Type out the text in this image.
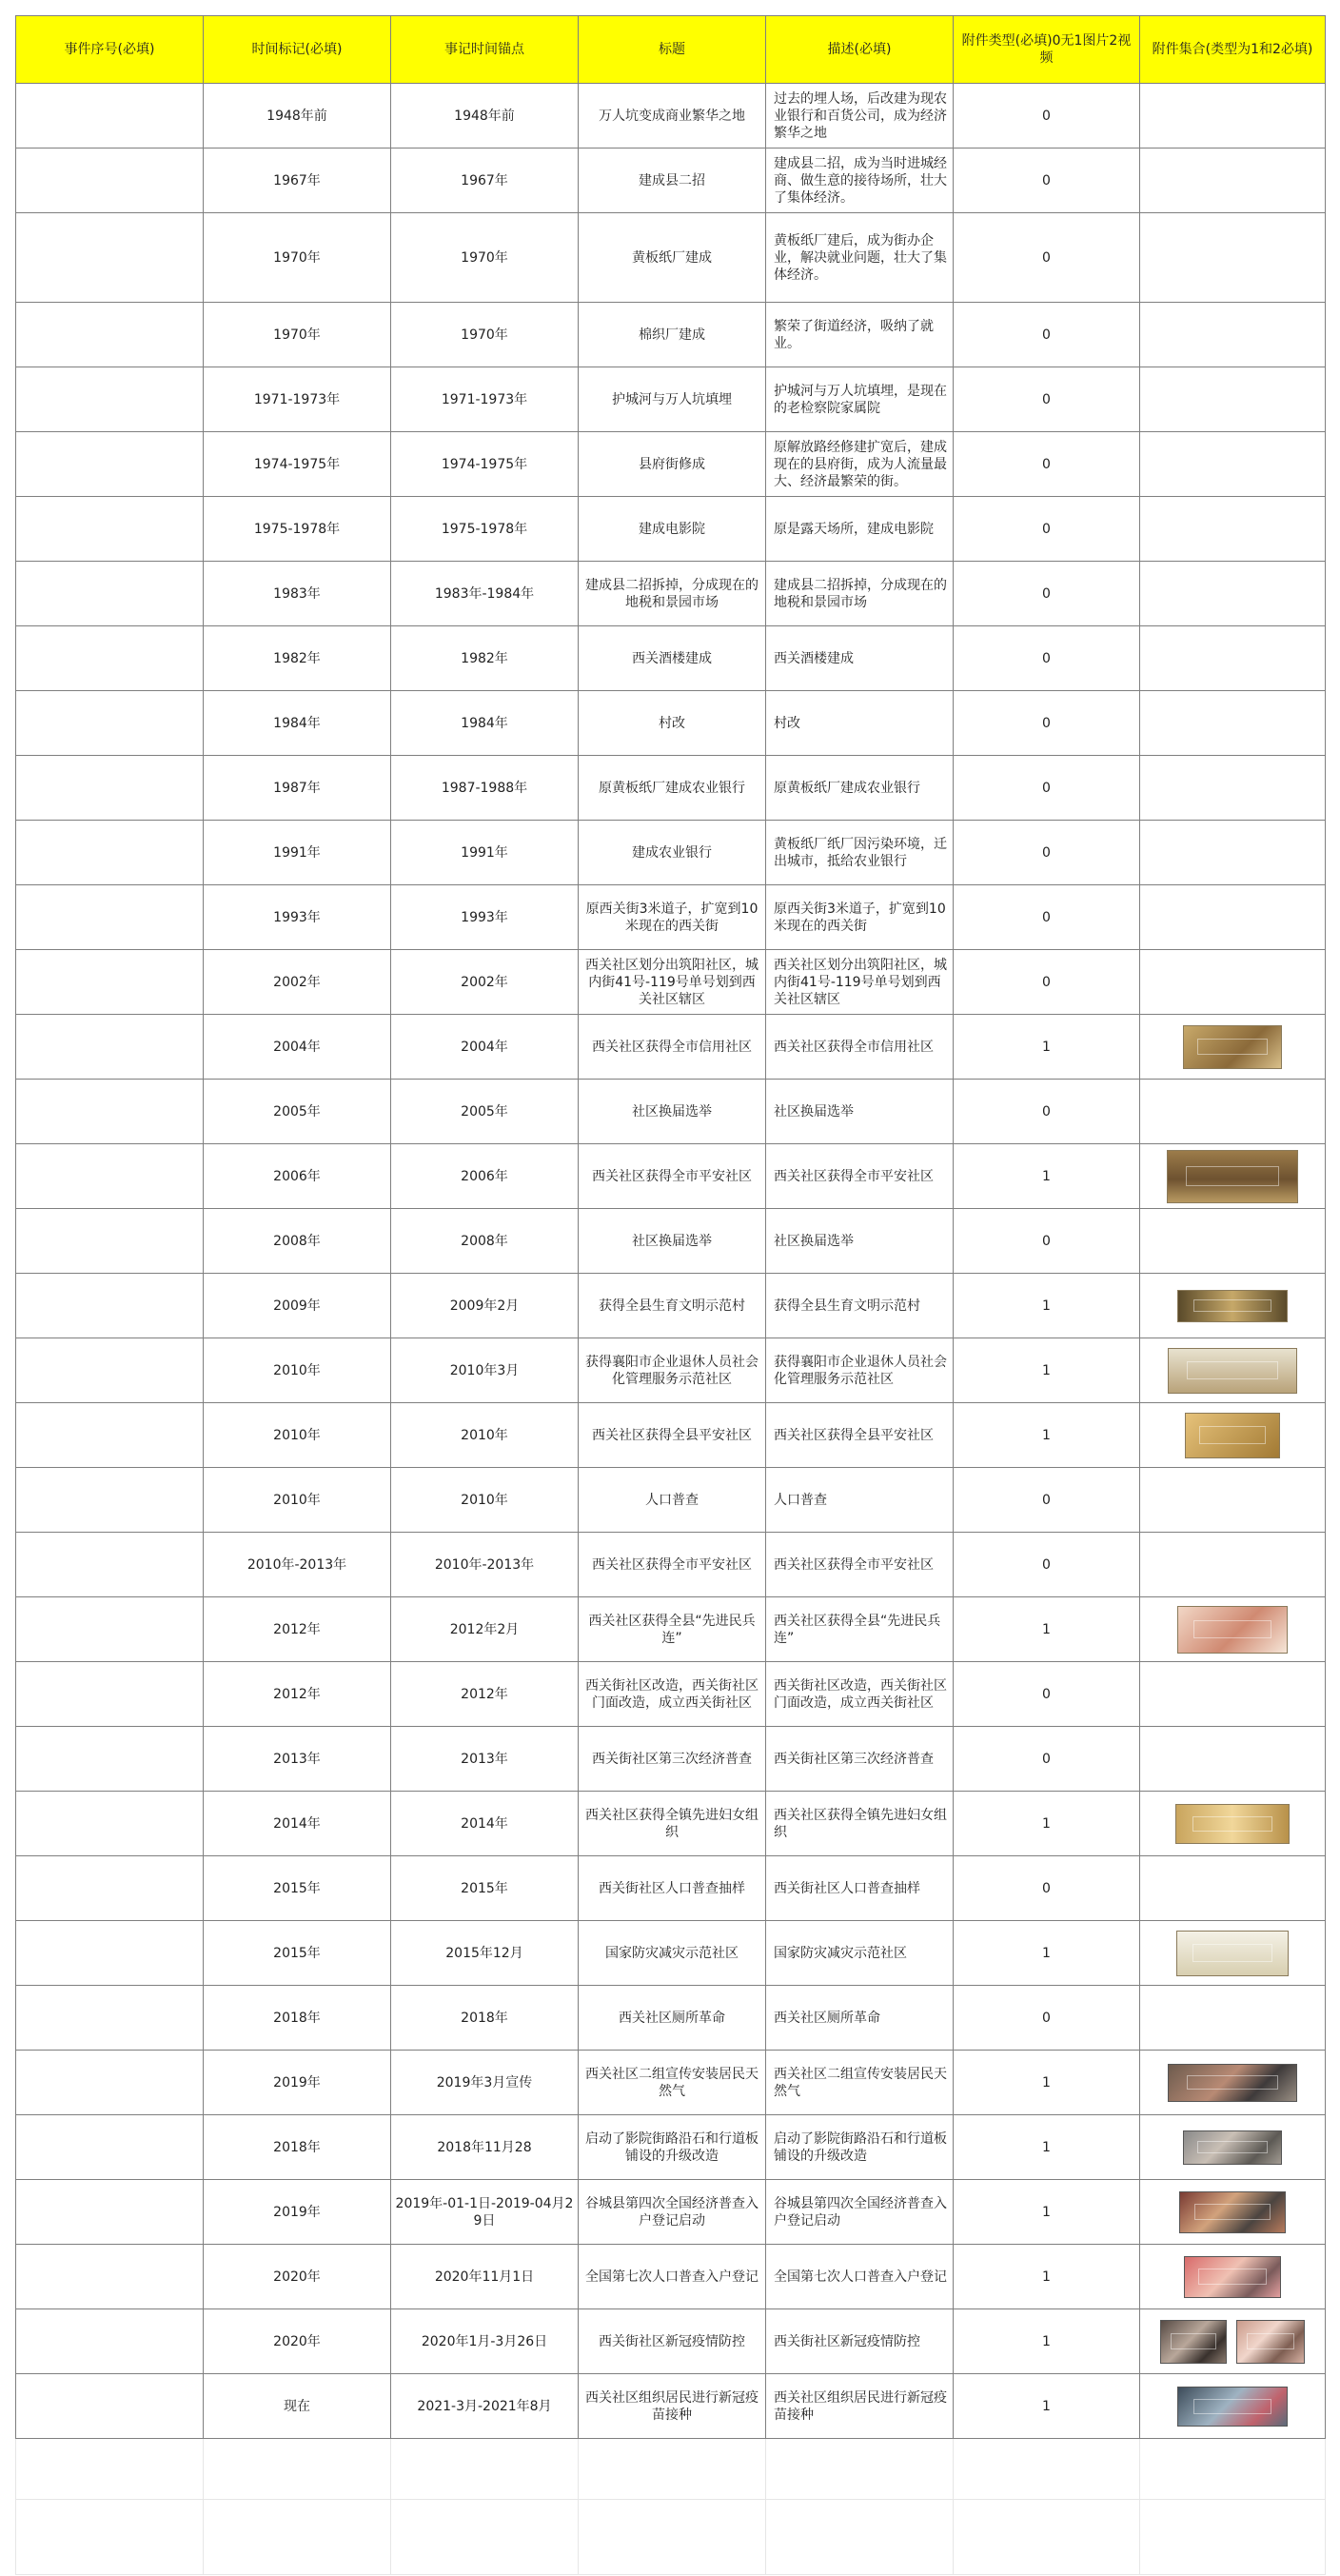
事件序号(必填)	时间标记(必填)	事记时间锚点	标题	描述(必填)	附件类型(必填)0无1图片2视频	附件集合(类型为1和2必填)
	1948年前	1948年前	万人坑变成商业繁华之地	过去的埋人场，后改建为现农业银行和百货公司，成为经济繁华之地	0	
	1967年	1967年	建成县二招	建成县二招，成为当时进城经商、做生意的接待场所，壮大了集体经济。	0	
	1970年	1970年	黄板纸厂建成	黄板纸厂建后，成为街办企业，解决就业问题，壮大了集体经济。	0	
	1970年	1970年	棉织厂建成	繁荣了街道经济，吸纳了就业。	0	
	1971-1973年	1971-1973年	护城河与万人坑填埋	护城河与万人坑填埋，是现在的老检察院家属院	0	
	1974-1975年	1974-1975年	县府街修成	原解放路经修建扩宽后，建成现在的县府街，成为人流量最大、经济最繁荣的街。	0	
	1975-1978年	1975-1978年	建成电影院	原是露天场所，建成电影院	0	
	1983年	1983年-1984年	建成县二招拆掉，分成现在的地税和景园市场	建成县二招拆掉，分成现在的地税和景园市场	0	
	1982年	1982年	西关酒楼建成	西关酒楼建成	0	
	1984年	1984年	村改	村改	0	
	1987年	1987-1988年	原黄板纸厂建成农业银行	原黄板纸厂建成农业银行	0	
	1991年	1991年	建成农业银行	黄板纸厂纸厂因污染环境，迁出城市，抵给农业银行	0	
	1993年	1993年	原西关街3米道子，扩宽到10米现在的西关街	原西关街3米道子，扩宽到10米现在的西关街	0	
	2002年	2002年	西关社区划分出筑阳社区，城内街41号-119号单号划到西关社区辖区	西关社区划分出筑阳社区，城内街41号-119号单号划到西关社区辖区	0	
	2004年	2004年	西关社区获得全市信用社区	西关社区获得全市信用社区	1	

	2005年	2005年	社区换届选举	社区换届选举	0	
	2006年	2006年	西关社区获得全市平安社区	西关社区获得全市平安社区	1	

	2008年	2008年	社区换届选举	社区换届选举	0	
	2009年	2009年2月	获得全县生育文明示范村	获得全县生育文明示范村	1	

	2010年	2010年3月	获得襄阳市企业退休人员社会化管理服务示范社区	获得襄阳市企业退休人员社会化管理服务示范社区	1	

	2010年	2010年	西关社区获得全县平安社区	西关社区获得全县平安社区	1	

	2010年	2010年	人口普查	人口普查	0	
	2010年-2013年	2010年-2013年	西关社区获得全市平安社区	西关社区获得全市平安社区	0	
	2012年	2012年2月	西关社区获得全县“先进民兵连”	西关社区获得全县“先进民兵连”	1	

	2012年	2012年	西关街社区改造，西关街社区门面改造，成立西关街社区	西关街社区改造，西关街社区门面改造，成立西关街社区	0	
	2013年	2013年	西关街社区第三次经济普查	西关街社区第三次经济普查	0	
	2014年	2014年	西关社区获得全镇先进妇女组织	西关社区获得全镇先进妇女组织	1	

	2015年	2015年	西关街社区人口普查抽样	西关街社区人口普查抽样	0	
	2015年	2015年12月	国家防灾减灾示范社区	国家防灾减灾示范社区	1	

	2018年	2018年	西关社区厕所革命	西关社区厕所革命	0	
	2019年	2019年3月宣传	西关社区二组宣传安装居民天然气	西关社区二组宣传安装居民天然气	1	

	2018年	2018年11月28	启动了影院街路沿石和行道板铺设的升级改造	启动了影院街路沿石和行道板铺设的升级改造	1	

	2019年	2019年-01-1日-2019-04月29日	谷城县第四次全国经济普查入户登记启动	谷城县第四次全国经济普查入户登记启动	1	

	2020年	2020年11月1日	全国第七次人口普查入户登记	全国第七次人口普查入户登记	1	

	2020年	2020年1月-3月26日	西关街社区新冠疫情防控	西关街社区新冠疫情防控	1	

	现在	2021-3月-2021年8月	西关社区组织居民进行新冠疫苗接种	西关社区组织居民进行新冠疫苗接种	1	
